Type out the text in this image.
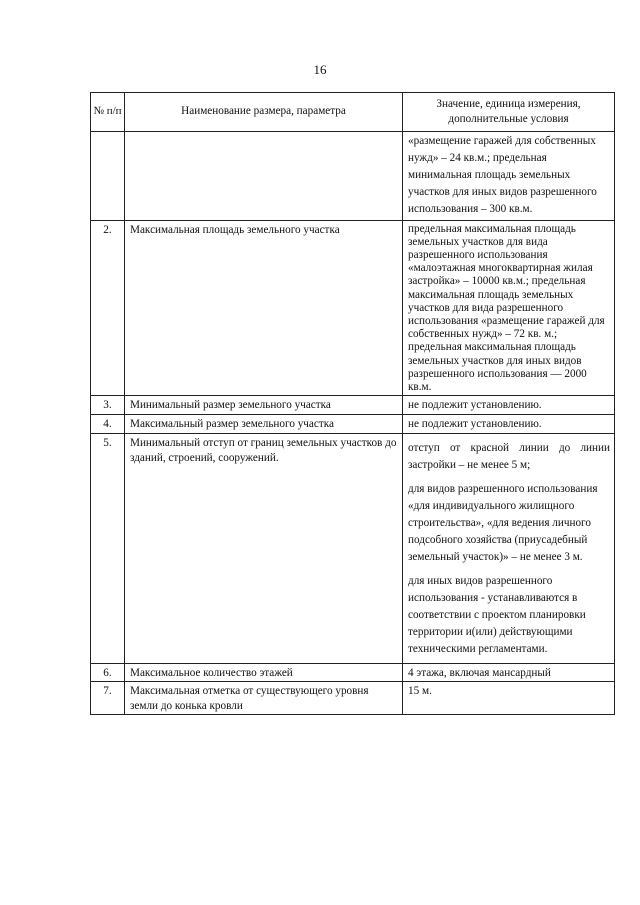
16
№ п/п	Наименование размера, параметра	Значение, единица измерения, дополнительные условия

		«размещение гаражей для собственных нужд» – 24 кв.м.; предельная минимальная площадь земельных участков для иных видов разрешенного использования – 300 кв.м.

2.	Максимальная площадь земельного участка	предельная максимальная площадь земельных участков для вида разрешенного использования «малоэтажная многоквартирная жилая застройка» – 10000 кв.м.; предельная максимальная площадь земельных участков для вида разрешенного использования «размещение гаражей для собственных нужд» – 72 кв. м.; предельная максимальная площадь земельных участков для иных видов разрешенного использования — 2000 кв.м.

3.	Минимальный размер земельного участка	не подлежит установлению.

4.	Максимальный размер земельного участка	не подлежит установлению.

5.	Минимальный отступ от границ земельных участков до зданий, строений, сооружений.	отступ от красной линии до линии застройки – не менее 5 м;
для видов разрешенного использования «для индивидуального жилищного строительства», «для ведения личного подсобного хозяйства (приусадебный земельный участок)» – не менее 3 м.
для иных видов разрешенного использования - устанавливаются в соответствии с проектом планировки территории и(или) действующими техническими регламентами.

6.	Максимальное количество этажей	4 этажа, включая мансардный

7.	Максимальная отметка от существующего уровня земли до конька кровли	15 м.
